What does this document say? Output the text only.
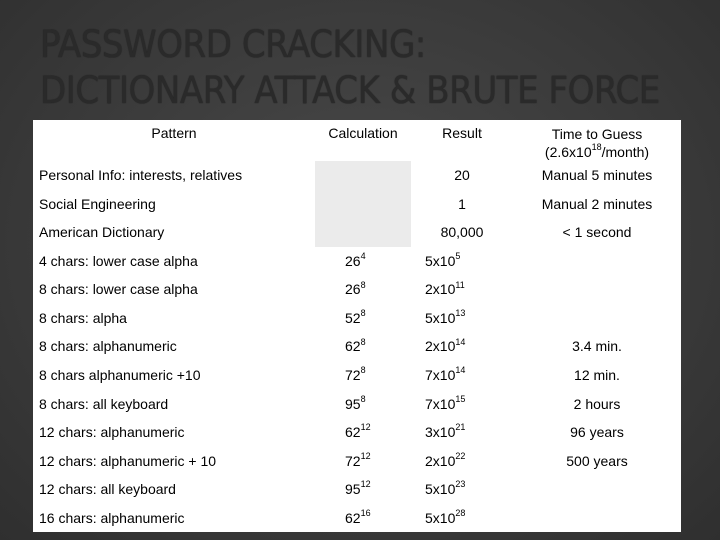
PASSWORD CRACKING:
DICTIONARY ATTACK & BRUTE FORCE
Pattern	Calculation	Result	Time to Guess
$(2.6x10^{18}/month)$

Personal Info: interests, relatives		20	Manual 5 minutes
Social Engineering		1	Manual 2 minutes
American Dictionary		80,000	< 1 second
4 chars: lower case alpha	$26^4$	$5x10^5$	
8 chars: lower case alpha	$26^8$	$2x10^{11}$	
8 chars: alpha	$52^8$	$5x10^{13}$	
8 chars: alphanumeric	$62^8$	$2x10^{14}$	3.4 min.
8 chars alphanumeric +10	$72^8$	$7x10^{14}$	12 min.
8 chars: all keyboard	$95^8$	$7x10^{15}$	2 hours
12 chars: alphanumeric	$62^{12}$	$3x10^{21}$	96 years
12 chars: alphanumeric + 10	$72^{12}$	$2x10^{22}$	500 years
12 chars: all keyboard	$95^{12}$	$5x10^{23}$	
16 chars: alphanumeric	$62^{16}$	$5x10^{28}$	
